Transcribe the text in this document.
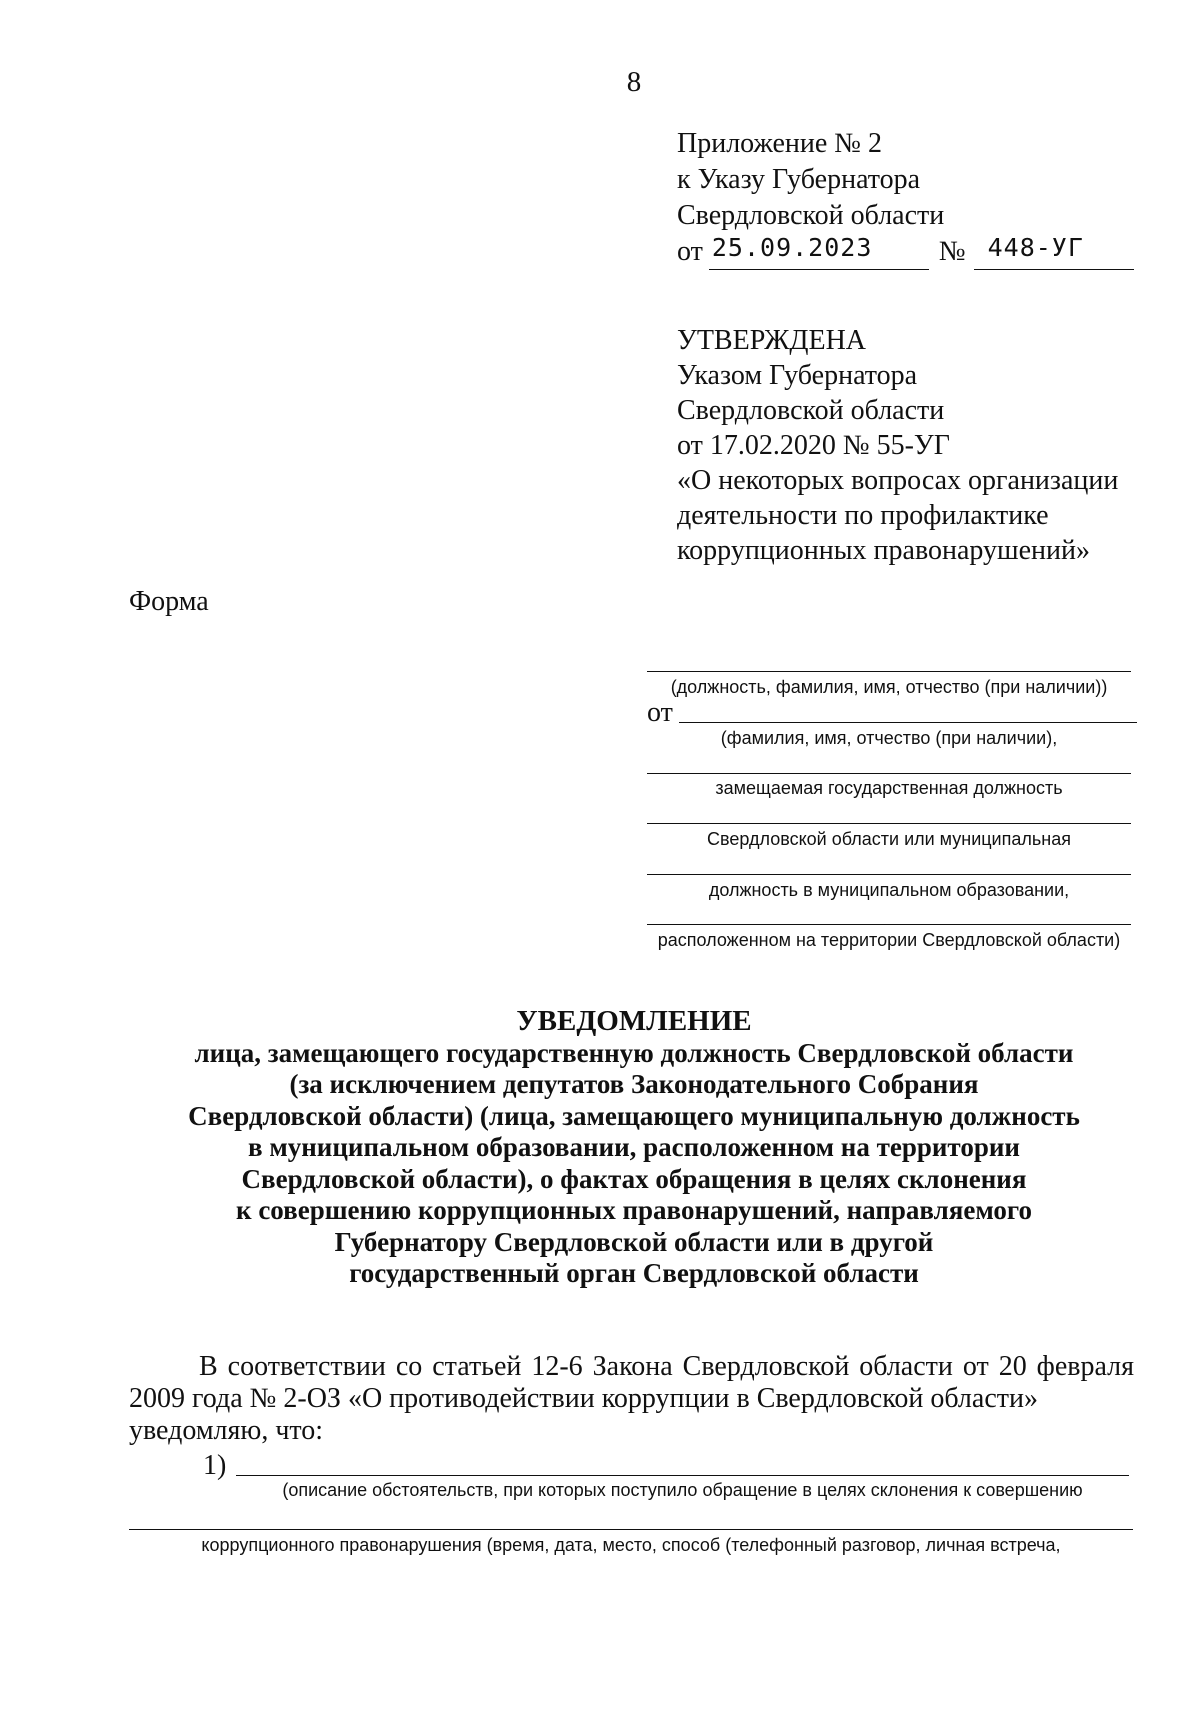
8
Приложение № 2
к Указу Губернатора
Свердловской области
от 25.09.2023 № 448-УГ
УТВЕРЖДЕНА
Указом Губернатора
Свердловской области
от 17.02.2020 № 55-УГ
«О некоторых вопросах организации
деятельности по профилактике
коррупционных правонарушений»
Форма
(должность, фамилия, имя, отчество (при наличии))
от
(фамилия, имя, отчество (при наличии),
замещаемая государственная должность
Свердловской области или муниципальная
должность в муниципальном образовании,
расположенном на территории Свердловской области)
УВЕДОМЛЕНИЕ
лица, замещающего государственную должность Свердловской области
(за исключением депутатов Законодательного Собрания
Свердловской области) (лица, замещающего муниципальную должность
в муниципальном образовании, расположенном на территории
Свердловской области), о фактах обращения в целях склонения
к совершению коррупционных правонарушений, направляемого
Губернатору Свердловской области или в другой
государственный орган Свердловской области
В соответствии со статьей 12-6 Закона Свердловской области от 20 февраля 2009 года № 2-ОЗ «О противодействии коррупции в Свердловской области»
уведомляю, что:
1)
(описание обстоятельств, при которых поступило обращение в целях склонения к совершению
коррупционного правонарушения (время, дата, место, способ (телефонный разговор, личная встреча,
